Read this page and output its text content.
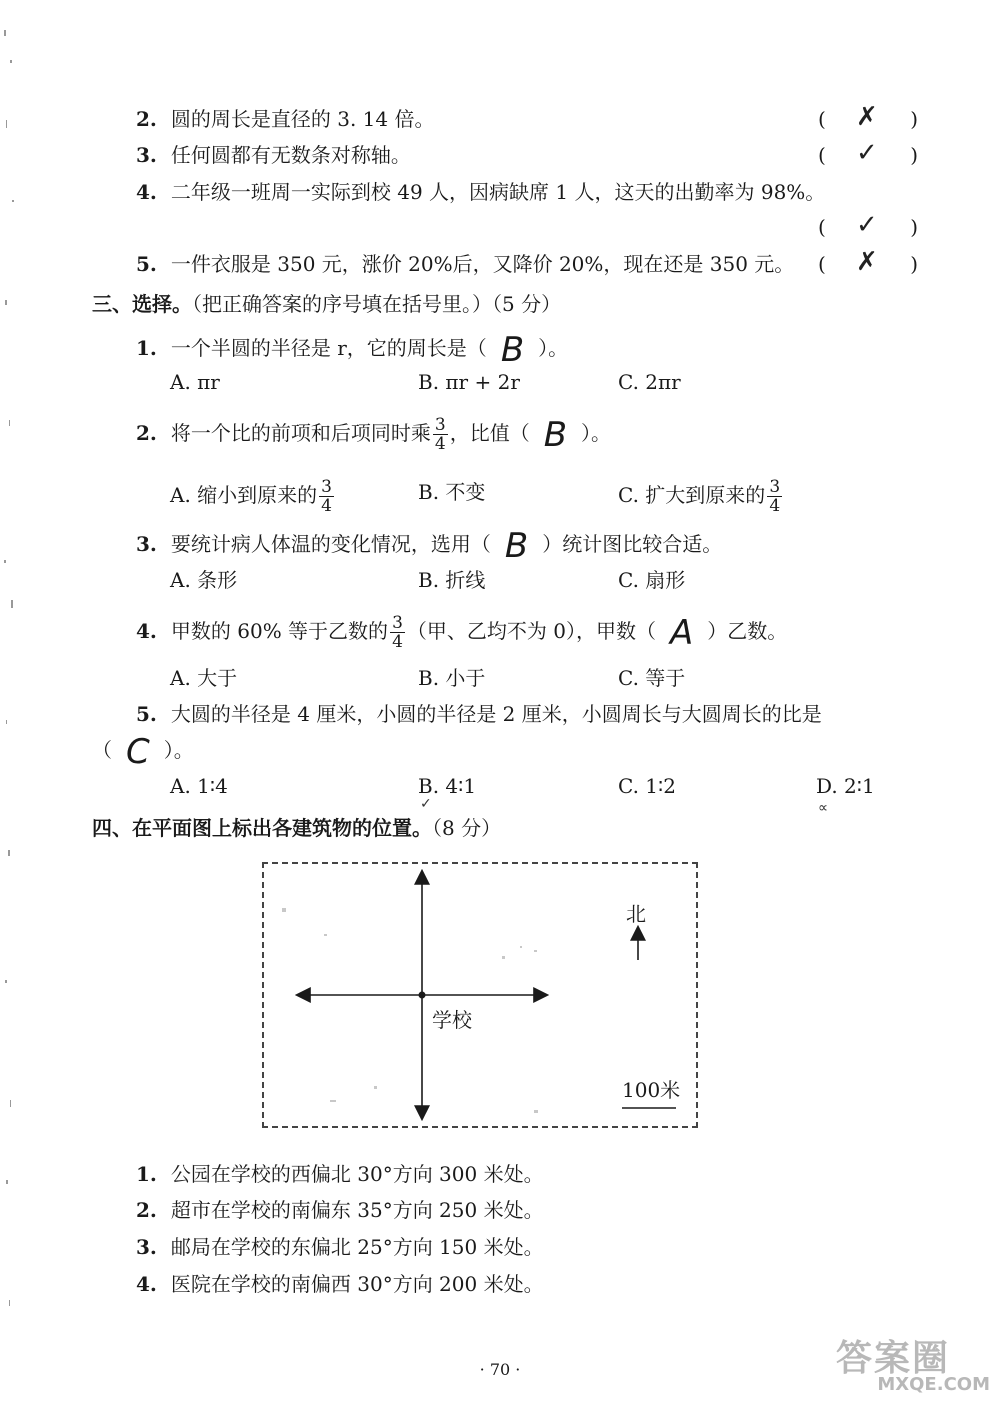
2. 圆的周长是直径的 3. 14 倍。	( ✗ )
3. 任何圆都有无数条对称轴。	( ✓ )
4. 二年级一班周一实际到校 49 人，因病缺席 1 人，这天的出勤率为 98%。
( ✓ )
5. 一件衣服是 350 元，涨价 20%后，又降价 20%，现在还是 350 元。 ( ✗ )
三、选择。（把正确答案的序号填在括号里。）（5 分）
1. 一个半圆的半径是 r，它的周长是（ B ）。
A. πr	B. πr + 2r	C. 2πr
2. 将一个比的前项和后项同时乘 $\frac{3}{4}$ ，比值（ B ）。
A. 缩小到原来的 $\frac{3}{4}$	B. 不变	C. 扩大到原来的 $\frac{3}{4}$
3. 要统计病人体温的变化情况，选用（ B ）统计图比较合适。
A. 条形	B. 折线	C. 扇形
4. 甲数的 60% 等于乙数的 $\frac{3}{4}$ （甲、乙均不为 0），甲数（ A ）乙数。
A. 大于	B. 小于	C. 等于
5. 大圆的半径是 4 厘米，小圆的半径是 2 厘米，小圆周长与大圆周长的比是
（ C ）。
A. 1∶4	B. 4∶1	C. 1∶2	D. 2∶1
✓	∝
四、在平面图上标出各建筑物的位置。（8 分）
学校
北
100米
1. 公园在学校的西偏北 30°方向 300 米处。
2. 超市在学校的南偏东 35°方向 250 米处。
3. 邮局在学校的东偏北 25°方向 150 米处。
4. 医院在学校的南偏西 30°方向 200 米处。
· 70 ·	答案圈
MXQE.COM
